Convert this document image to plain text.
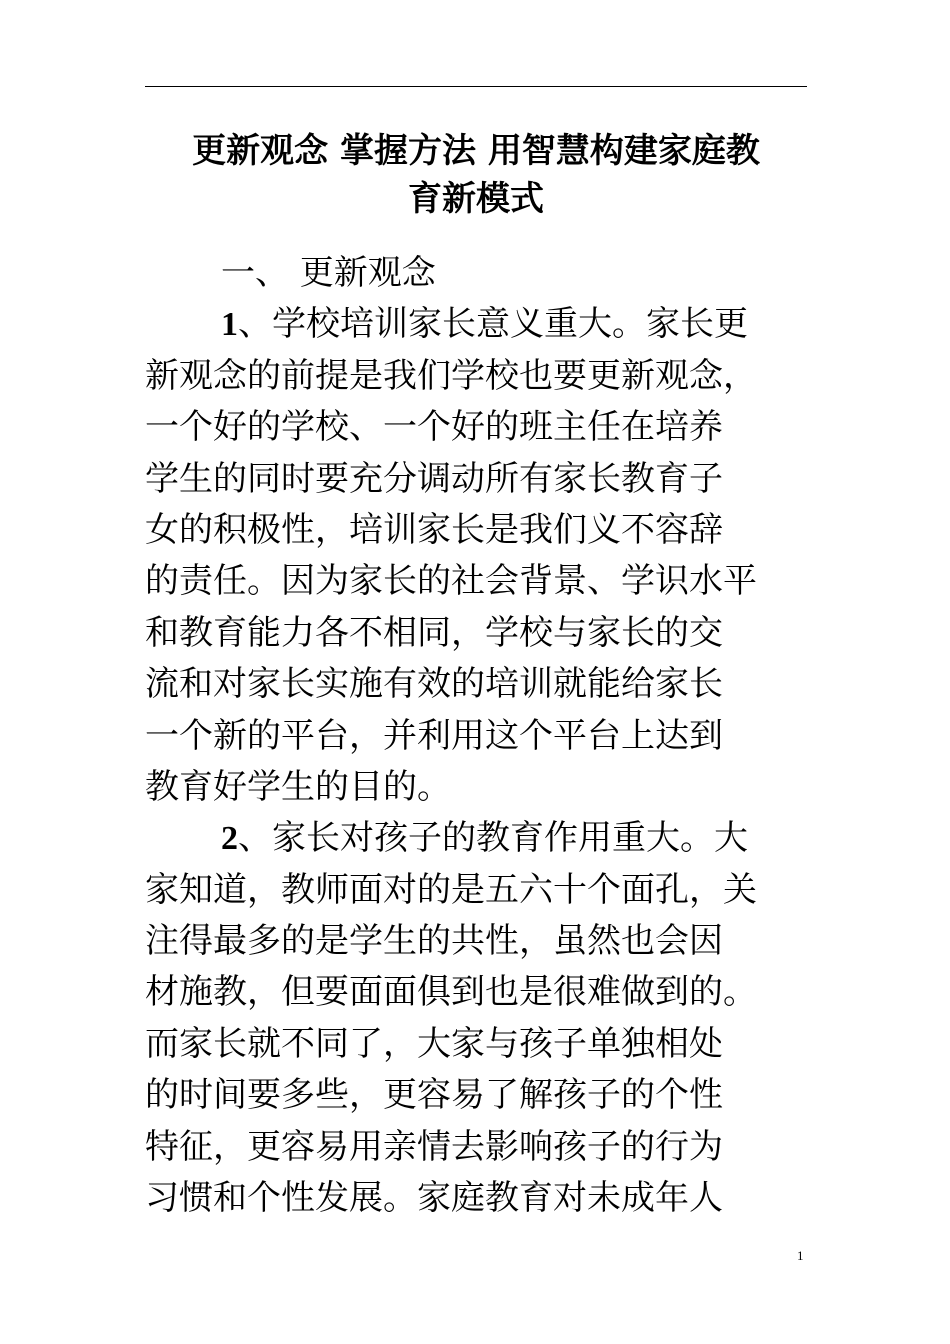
更新观念 掌握方法 用智慧构建家庭教
育新模式
一、 更新观念
1、学校培训家长意义重大。家长更
新观念的前提是我们学校也要更新观念，
一个好的学校、一个好的班主任在培养
学生的同时要充分调动所有家长教育子
女的积极性，培训家长是我们义不容辞
的责任。因为家长的社会背景、学识水平
和教育能力各不相同，学校与家长的交
流和对家长实施有效的培训就能给家长
一个新的平台，并利用这个平台上达到
教育好学生的目的。
2、家长对孩子的教育作用重大。大
家知道，教师面对的是五六十个面孔，关
注得最多的是学生的共性，虽然也会因
材施教，但要面面俱到也是很难做到的。
而家长就不同了，大家与孩子单独相处
的时间要多些，更容易了解孩子的个性
特征，更容易用亲情去影响孩子的行为
习惯和个性发展。家庭教育对未成年人
1
